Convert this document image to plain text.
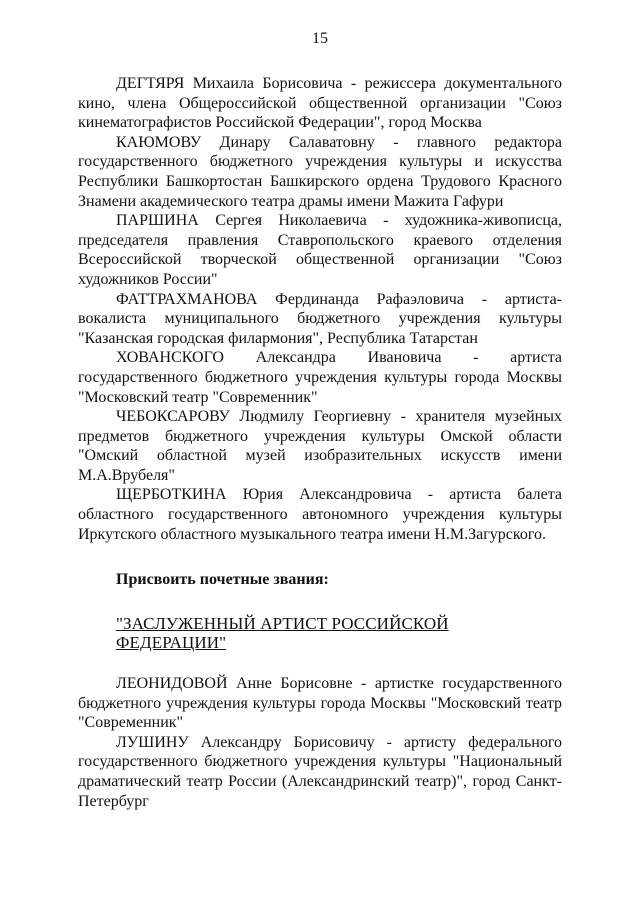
15

ДЕГТЯРЯ Михаила Борисовича - режиссера документального кино, члена Общероссийской общественной организации "Союз кинематографистов Российской Федерации", город Москва

КАЮМОВУ Динару Салаватовну - главного редактора государственного бюджетного учреждения культуры и искусства Республики Башкортостан Башкирского ордена Трудового Красного Знамени академического театра драмы имени Мажита Гафури

ПАРШИНА Сергея Николаевича - художника-живописца, председателя правления Ставропольского краевого отделения Всероссийской творческой общественной организации "Союз художников России"

ФАТТРАХМАНОВА Фердинанда Рафаэловича - артиста-вокалиста муниципального бюджетного учреждения культуры "Казанская городская филармония", Республика Татарстан

ХОВАНСКОГО Александра Ивановича - артиста государственного бюджетного учреждения культуры города Москвы "Московский театр "Современник"

ЧЕБОКСАРОВУ Людмилу Георгиевну - хранителя музейных предметов бюджетного учреждения культуры Омской области "Омский областной музей изобразительных искусств имени М.А.Врубеля"

ЩЕРБОТКИНА Юрия Александровича - артиста балета областного государственного автономного учреждения культуры Иркутского областного музыкального театра имени Н.М.Загурского.

Присвоить почетные звания:
"ЗАСЛУЖЕННЫЙ АРТИСТ РОССИЙСКОЙ ФЕДЕРАЦИИ"

ЛЕОНИДОВОЙ Анне Борисовне - артистке государственного бюджетного учреждения культуры города Москвы "Московский театр "Современник"

ЛУШИНУ Александру Борисовичу - артисту федерального государственного бюджетного учреждения культуры "Национальный драматический театр России (Александринский театр)", город Санкт-Петербург
